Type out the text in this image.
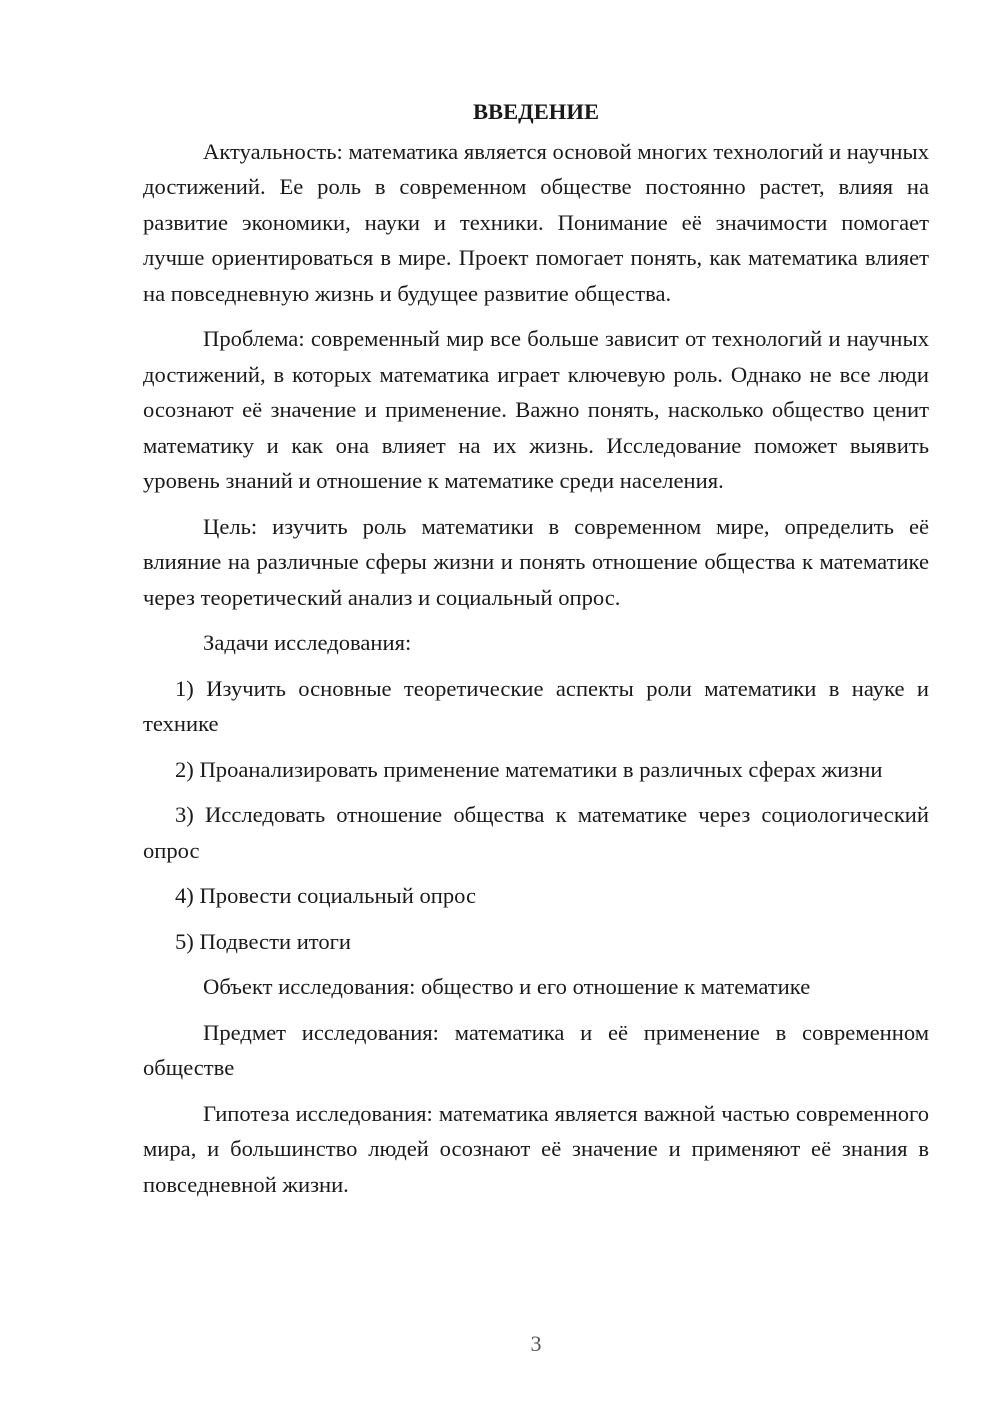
ВВЕДЕНИЕ

Актуальность: математика является основой многих технологий и научных достижений. Ее роль в современном обществе постоянно растет, влияя на развитие экономики, науки и техники. Понимание её значимости помогает лучше ориентироваться в мире. Проект помогает понять, как математика влияет на повседневную жизнь и будущее развитие общества.

Проблема: современный мир все больше зависит от технологий и научных достижений, в которых математика играет ключевую роль. Однако не все люди осознают её значение и применение. Важно понять, насколько общество ценит математику и как она влияет на их жизнь. Исследование поможет выявить уровень знаний и отношение к математике среди населения.

Цель: изучить роль математики в современном мире, определить её влияние на различные сферы жизни и понять отношение общества к математике через теоретический анализ и социальный опрос.

Задачи исследования:

1) Изучить основные теоретические аспекты роли математики в науке и технике

2) Проанализировать применение математики в различных сферах жизни

3) Исследовать отношение общества к математике через социологический опрос

4) Провести социальный опрос

5) Подвести итоги

Объект исследования: общество и его отношение к математике

Предмет исследования: математика и её применение в современном обществе

Гипотеза исследования: математика является важной частью современного мира, и большинство людей осознают её значение и применяют её знания в повседневной жизни.

3
